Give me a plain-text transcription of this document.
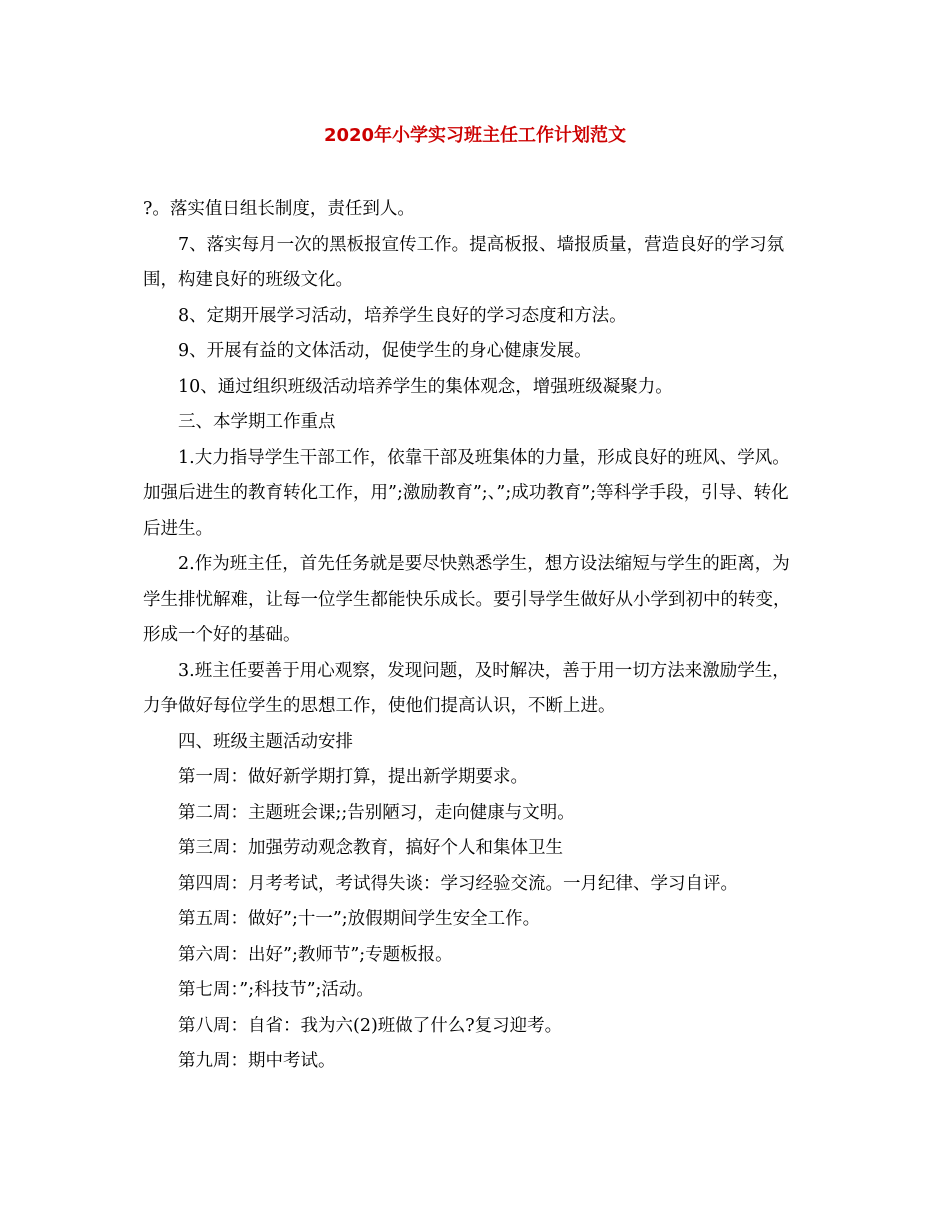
2020年小学实习班主任工作计划范文

?。落实值日组长制度，责任到人。

7、落实每月一次的黑板报宣传工作。提高板报、墙报质量，营造良好的学习氛围，构建良好的班级文化。

8、定期开展学习活动，培养学生良好的学习态度和方法。

9、开展有益的文体活动，促使学生的身心健康发展。

10、通过组织班级活动培养学生的集体观念，增强班级凝聚力。

三、本学期工作重点

1.大力指导学生干部工作，依靠干部及班集体的力量，形成良好的班风、学风。加强后进生的教育转化工作，用”;激励教育”;、”;成功教育”;等科学手段，引导、转化后进生。

2.作为班主任，首先任务就是要尽快熟悉学生，想方设法缩短与学生的距离，为学生排忧解难，让每一位学生都能快乐成长。要引导学生做好从小学到初中的转变，形成一个好的基础。

3.班主任要善于用心观察，发现问题，及时解决，善于用一切方法来激励学生，力争做好每位学生的思想工作，使他们提高认识，不断上进。

四、班级主题活动安排

第一周：做好新学期打算，提出新学期要求。

第二周：主题班会课;;告别陋习，走向健康与文明。

第三周：加强劳动观念教育，搞好个人和集体卫生

第四周：月考考试，考试得失谈：学习经验交流。一月纪律、学习自评。

第五周：做好”;十一”;放假期间学生安全工作。

第六周：出好”;教师节”;专题板报。

第七周：”;科技节”;活动。

第八周：自省：我为六(2)班做了什么?复习迎考。

第九周：期中考试。
